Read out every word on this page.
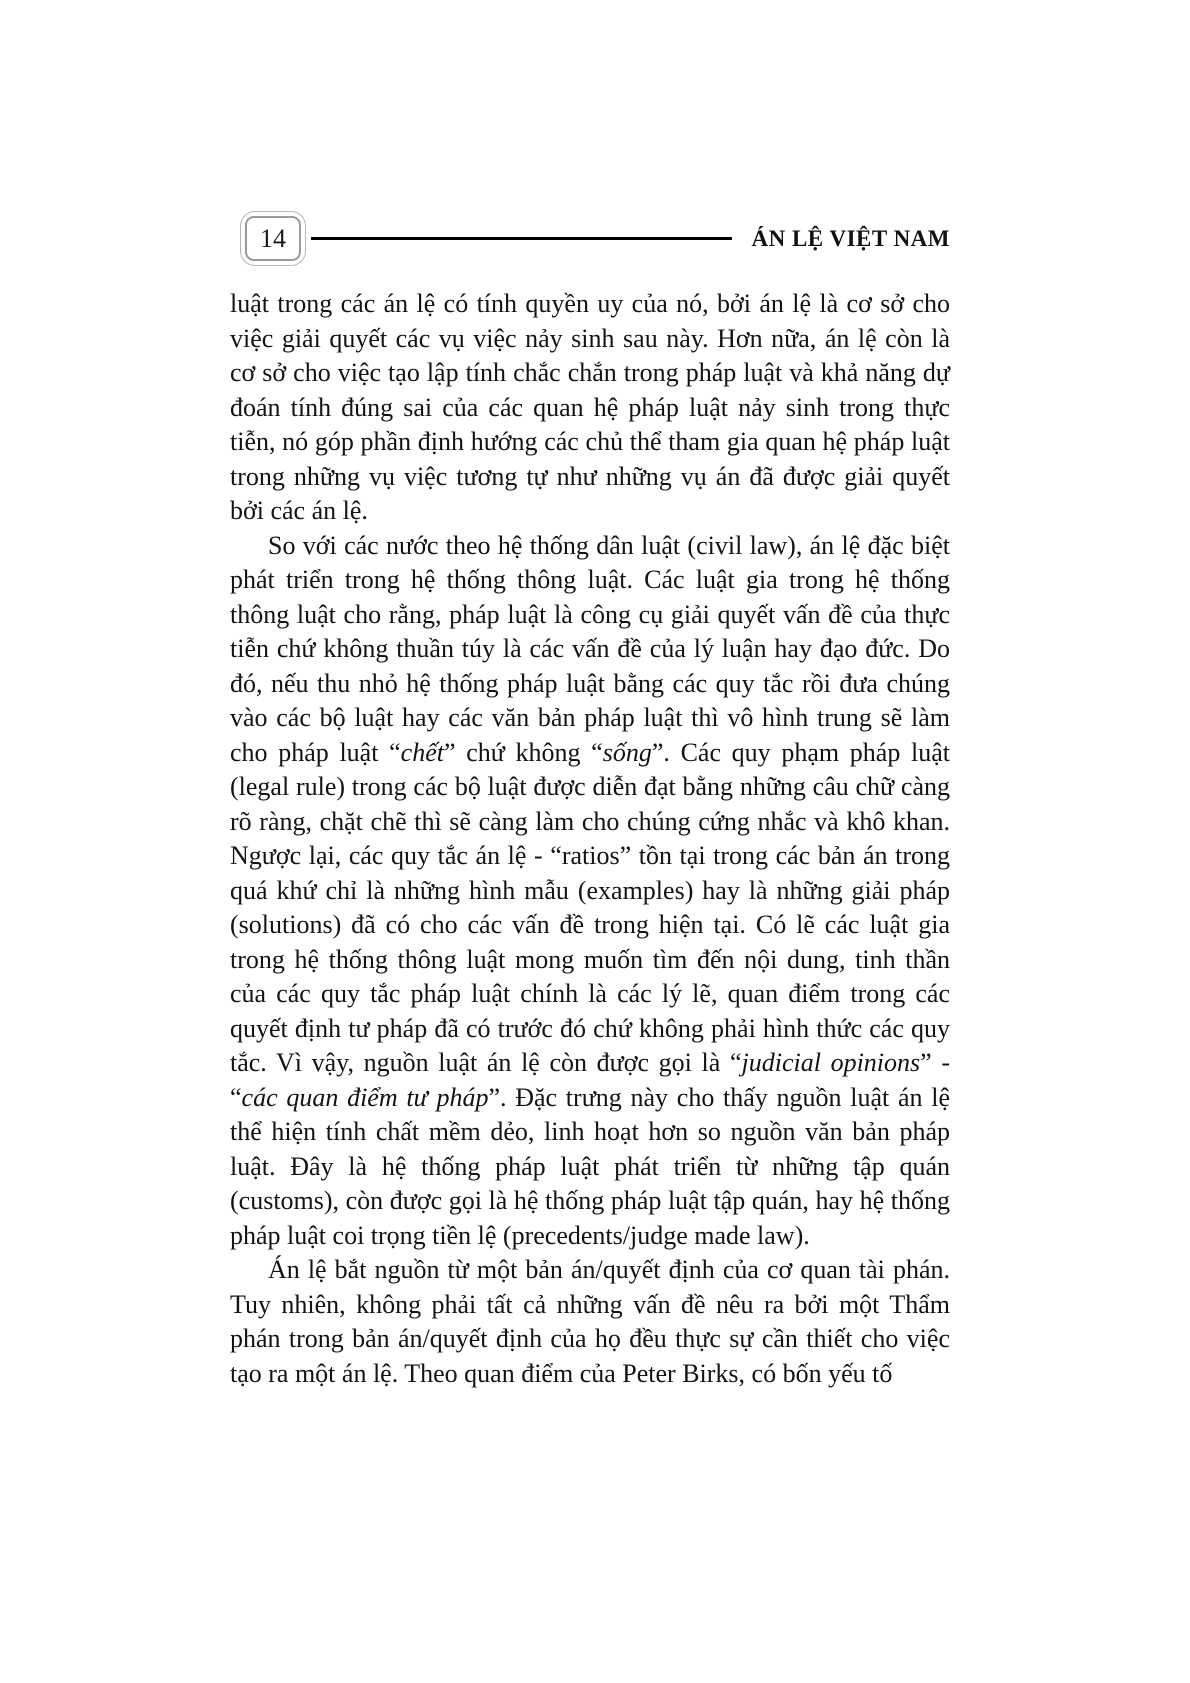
14	ÁN LỆ VIỆT NAM

luật trong các án lệ có tính quyền uy của nó, bởi án lệ là cơ sở cho việc giải quyết các vụ việc nảy sinh sau này. Hơn nữa, án lệ còn là cơ sở cho việc tạo lập tính chắc chắn trong pháp luật và khả năng dự đoán tính đúng sai của các quan hệ pháp luật nảy sinh trong thực tiễn, nó góp phần định hướng các chủ thể tham gia quan hệ pháp luật trong những vụ việc tương tự như những vụ án đã được giải quyết bởi các án lệ.

So với các nước theo hệ thống dân luật (civil law), án lệ đặc biệt phát triển trong hệ thống thông luật. Các luật gia trong hệ thống thông luật cho rằng, pháp luật là công cụ giải quyết vấn đề của thực tiễn chứ không thuần túy là các vấn đề của lý luận hay đạo đức. Do đó, nếu thu nhỏ hệ thống pháp luật bằng các quy tắc rồi đưa chúng vào các bộ luật hay các văn bản pháp luật thì vô hình trung sẽ làm cho pháp luật “chết” chứ không “sống”. Các quy phạm pháp luật (legal rule) trong các bộ luật được diễn đạt bằng những câu chữ càng rõ ràng, chặt chẽ thì sẽ càng làm cho chúng cứng nhắc và khô khan. Ngược lại, các quy tắc án lệ - “ratios” tồn tại trong các bản án trong quá khứ chỉ là những hình mẫu (examples) hay là những giải pháp (solutions) đã có cho các vấn đề trong hiện tại. Có lẽ các luật gia trong hệ thống thông luật mong muốn tìm đến nội dung, tinh thần của các quy tắc pháp luật chính là các lý lẽ, quan điểm trong các quyết định tư pháp đã có trước đó chứ không phải hình thức các quy tắc. Vì vậy, nguồn luật án lệ còn được gọi là “judicial opinions” - “các quan điểm tư pháp”. Đặc trưng này cho thấy nguồn luật án lệ thể hiện tính chất mềm dẻo, linh hoạt hơn so nguồn văn bản pháp luật. Đây là hệ thống pháp luật phát triển từ những tập quán (customs), còn được gọi là hệ thống pháp luật tập quán, hay hệ thống pháp luật coi trọng tiền lệ (precedents/judge made law).

Án lệ bắt nguồn từ một bản án/quyết định của cơ quan tài phán. Tuy nhiên, không phải tất cả những vấn đề nêu ra bởi một Thẩm phán trong bản án/quyết định của họ đều thực sự cần thiết cho việc tạo ra một án lệ. Theo quan điểm của Peter Birks, có bốn yếu tố
